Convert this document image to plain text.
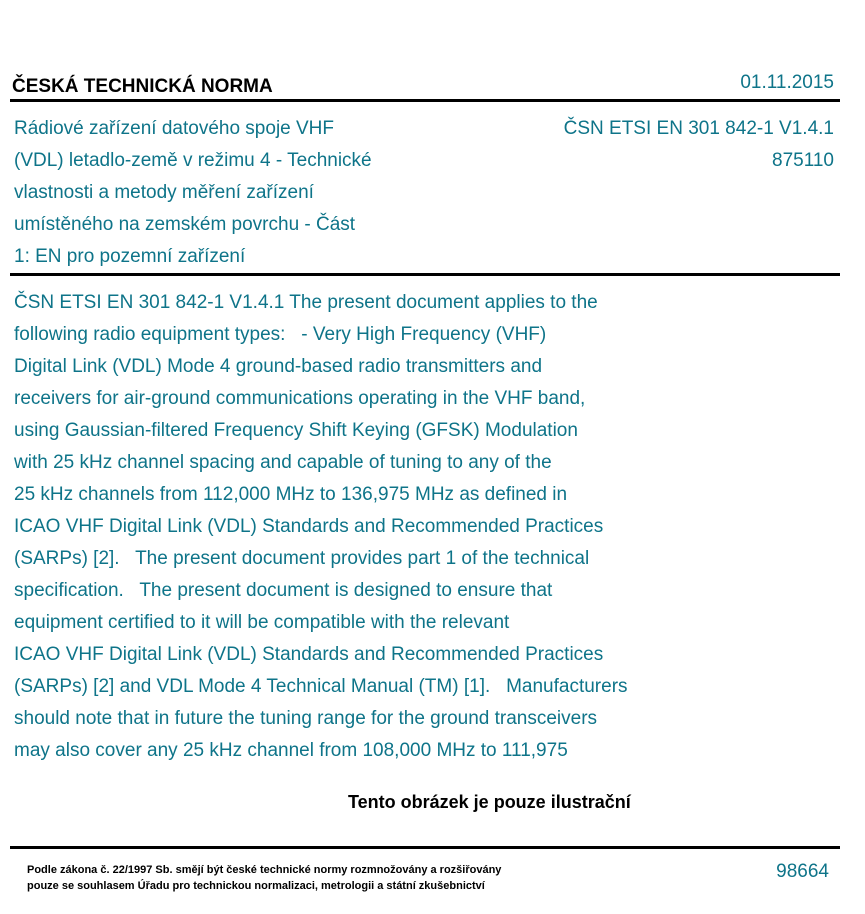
ČESKÁ TECHNICKÁ NORMA	01.11.2015
Rádiové zařízení datového spoje VHF
(VDL) letadlo-země v režimu 4 - Technické
vlastnosti a metody měření zařízení
umístěného na zemském povrchu - Část
1: EN pro pozemní zařízení
ČSN ETSI EN 301 842-1 V1.4.1
875110
ČSN ETSI EN 301 842-1 V1.4.1 The present document applies to the
following radio equipment types:   - Very High Frequency (VHF)
Digital Link (VDL) Mode 4 ground-based radio transmitters and
receivers for air-ground communications operating in the VHF band,
using Gaussian-filtered Frequency Shift Keying (GFSK) Modulation
with 25 kHz channel spacing and capable of tuning to any of the
25 kHz channels from 112,000 MHz to 136,975 MHz as defined in
ICAO VHF Digital Link (VDL) Standards and Recommended Practices
(SARPs) [2].   The present document provides part 1 of the technical
specification.   The present document is designed to ensure that
equipment certified to it will be compatible with the relevant
ICAO VHF Digital Link (VDL) Standards and Recommended Practices
(SARPs) [2] and VDL Mode 4 Technical Manual (TM) [1].   Manufacturers
should note that in future the tuning range for the ground transceivers
may also cover any 25 kHz channel from 108,000 MHz to 111,975
Tento obrázek je pouze ilustrační
Podle zákona č. 22/1997 Sb. smějí být české technické normy rozmnožovány a rozšiřovány
pouze se souhlasem Úřadu pro technickou normalizaci, metrologii a státní zkušebnictví
98664
